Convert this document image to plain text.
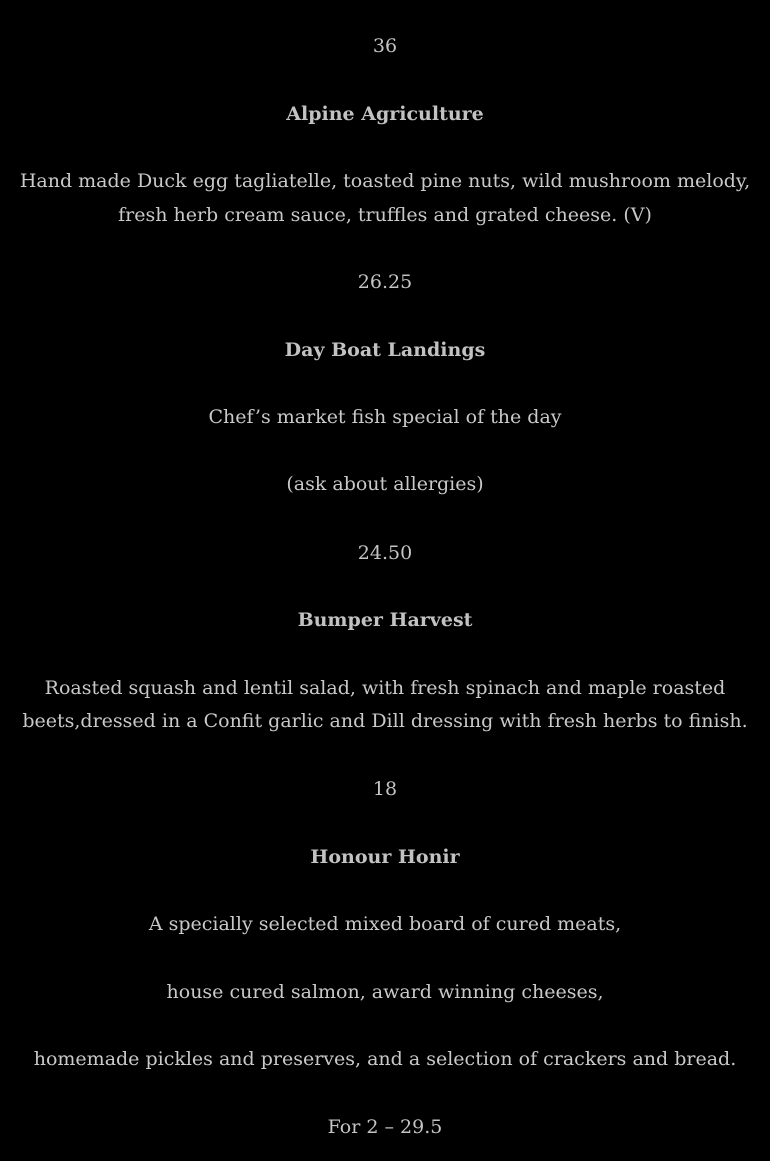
36
Alpine Agriculture
Hand made Duck egg tagliatelle, toasted pine nuts, wild mushroom melody,
fresh herb cream sauce, truffles and grated cheese. (V)
26.25
Day Boat Landings
Chef’s market fish special of the day
(ask about allergies)
24.50
Bumper Harvest
Roasted squash and lentil salad, with fresh spinach and maple roasted
beets,dressed in a Confit garlic and Dill dressing with fresh herbs to finish.
18
Honour Honir
A specially selected mixed board of cured meats,
house cured salmon, award winning cheeses,
homemade pickles and preserves, and a selection of crackers and bread.
For 2 – 29.5
